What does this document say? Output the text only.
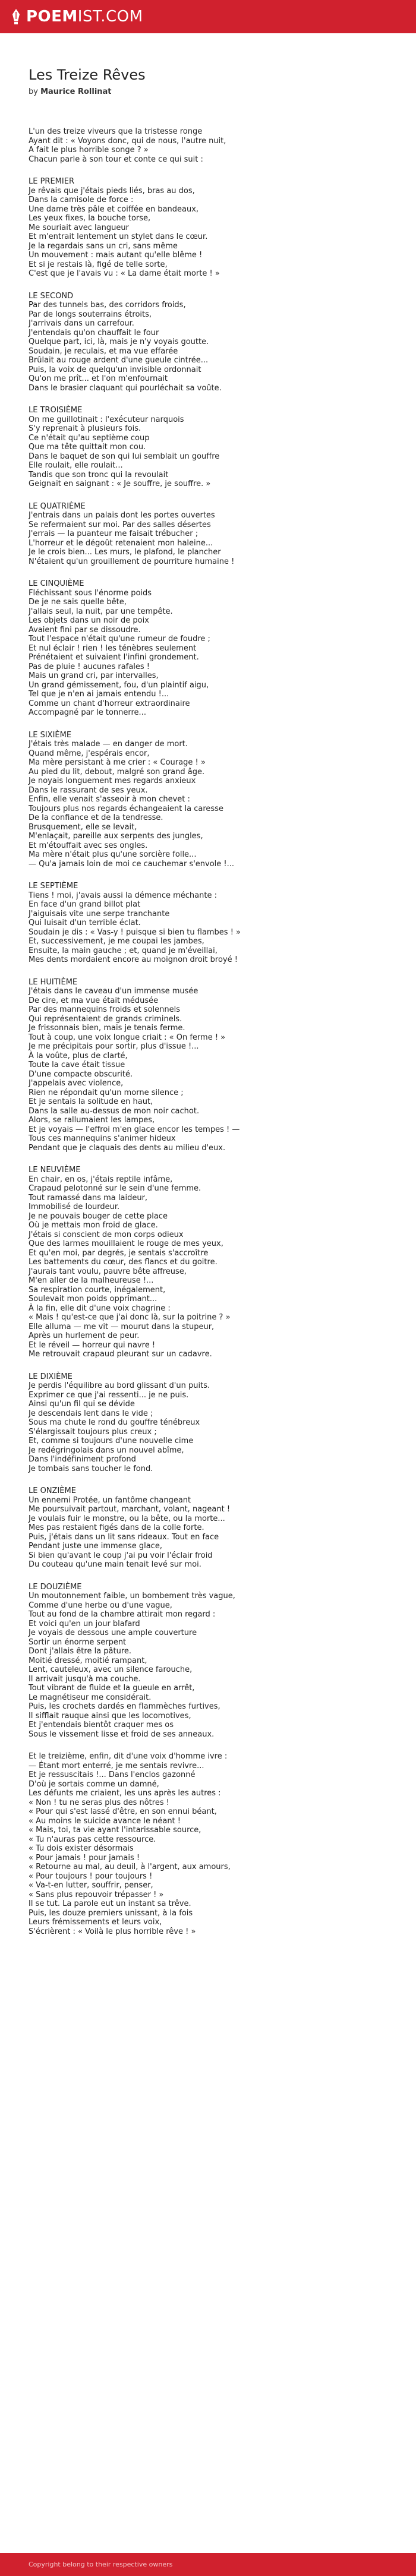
POEMIST.COM
Les Treize Rêves
by Maurice Rollinat
L'un des treize viveurs que la tristesse ronge
Ayant dit : « Voyons donc, qui de nous, l'autre nuit,
A fait le plus horrible songe ? »
Chacun parle à son tour et conte ce qui suit :
LE PREMIER
Je rêvais que j'étais pieds liés, bras au dos,
Dans la camisole de force :
Une dame très pâle et coiffée en bandeaux,
Les yeux fixes, la bouche torse,
Me souriait avec langueur
Et m'entrait lentement un stylet dans le cœur.
Je la regardais sans un cri, sans même
Un mouvement : mais autant qu'elle blême !
Et si je restais là, figé de telle sorte,
C'est que je l'avais vu : « La dame était morte ! »
LE SECOND
Par des tunnels bas, des corridors froids,
Par de longs souterrains étroits,
J'arrivais dans un carrefour.
J'entendais qu'on chauffait le four
Quelque part, ici, là, mais je n'y voyais goutte.
Soudain, je reculais, et ma vue effarée
Brûlait au rouge ardent d'une gueule cintrée...
Puis, la voix de quelqu'un invisible ordonnait
Qu'on me prît... et l'on m'enfournait
Dans le brasier claquant qui pourléchait sa voûte.
LE TROISIÈME
On me guillotinait : l'exécuteur narquois
S'y reprenait à plusieurs fois.
Ce n'était qu'au septième coup
Que ma tête quittait mon cou.
Dans le baquet de son qui lui semblait un gouffre
Elle roulait, elle roulait...
Tandis que son tronc qui la revoulait
Geignait en saignant : « Je souffre, je souffre. »
LE QUATRIÈME
J'entrais dans un palais dont les portes ouvertes
Se refermaient sur moi. Par des salles désertes
J'errais — la puanteur me faisait trébucher ;
L'horreur et le dégoût retenaient mon haleine...
Je le crois bien... Les murs, le plafond, le plancher
N'étaient qu'un grouillement de pourriture humaine !
LE CINQUIÈME
Fléchissant sous l'énorme poids
De je ne sais quelle bête,
J'allais seul, la nuit, par une tempête.
Les objets dans un noir de poix
Avaient fini par se dissoudre.
Tout l'espace n'était qu'une rumeur de foudre ;
Et nul éclair ! rien ! les ténèbres seulement
Prénétaient et suivaient l'infini grondement.
Pas de pluie ! aucunes rafales !
Mais un grand cri, par intervalles,
Un grand gémissement, fou, d'un plaintif aigu,
Tel que je n'en ai jamais entendu !...
Comme un chant d'horreur extraordinaire
Accompagné par le tonnerre...
LE SIXIÈME
J'étais très malade — en danger de mort.
Quand même, j'espérais encor,
Ma mère persistant à me crier : « Courage ! »
Au pied du lit, debout, malgré son grand âge.
Je noyais longuement mes regards anxieux
Dans le rassurant de ses yeux.
Enfin, elle venait s'asseoir à mon chevet :
Toujours plus nos regards échangeaient la caresse
De la confiance et de la tendresse.
Brusquement, elle se levait,
M'enlaçait, pareille aux serpents des jungles,
Et m'étouffait avec ses ongles.
Ma mère n'était plus qu'une sorcière folle...
— Qu'a jamais loin de moi ce cauchemar s'envole !...
LE SEPTIÈME
Tiens ! moi, j'avais aussi la démence méchante :
En face d'un grand billot plat
J'aiguisais vite une serpe tranchante
Qui luisait d'un terrible éclat.
Soudain je dis : « Vas-y ! puisque si bien tu flambes ! »
Et, successivement, je me coupai les jambes,
Ensuite, la main gauche ; et, quand je m'éveillai,
Mes dents mordaient encore au moignon droit broyé !
LE HUITIÈME
J'étais dans le caveau d'un immense musée
De cire, et ma vue était médusée
Par des mannequins froids et solennels
Qui représentaient de grands criminels.
Je frissonnais bien, mais je tenais ferme.
Tout à coup, une voix longue criait : « On ferme ! »
Je me précipitais pour sortir, plus d'issue !...
À la voûte, plus de clarté,
Toute la cave était tissue
D'une compacte obscurité.
J'appelais avec violence,
Rien ne répondait qu'un morne silence ;
Et je sentais la solitude en haut,
Dans la salle au-dessus de mon noir cachot.
Alors, se rallumaient les lampes,
Et je voyais — l'effroi m'en glace encor les tempes ! —
Tous ces mannequins s'animer hideux
Pendant que je claquais des dents au milieu d'eux.
LE NEUVIÈME
En chair, en os, j'étais reptile infâme,
Crapaud pelotonné sur le sein d'une femme.
Tout ramassé dans ma laideur,
Immobilisé de lourdeur.
Je ne pouvais bouger de cette place
Où je mettais mon froid de glace.
J'étais si conscient de mon corps odieux
Que des larmes mouillaient le rouge de mes yeux,
Et qu'en moi, par degrés, je sentais s'accroître
Les battements du cœur, des flancs et du goitre.
J'aurais tant voulu, pauvre bête affreuse,
M'en aller de la malheureuse !...
Sa respiration courte, inégalement,
Soulevait mon poids opprimant...
À la fin, elle dit d'une voix chagrine :
« Mais ! qu'est-ce que j'ai donc là, sur la poitrine ? »
Elle alluma — me vit — mourut dans la stupeur,
Après un hurlement de peur.
Et le réveil — horreur qui navre !
Me retrouvait crapaud pleurant sur un cadavre.
LE DIXIÈME
Je perdis l'équilibre au bord glissant d'un puits.
Exprimer ce que j'ai ressenti... je ne puis.
Ainsi qu'un fil qui se dévide
Je descendais lent dans le vide ;
Sous ma chute le rond du gouffre ténébreux
S'élargissait toujours plus creux ;
Et, comme si toujours d'une nouvelle cime
Je redégringolais dans un nouvel abîme,
Dans l'indéfiniment profond
Je tombais sans toucher le fond.
LE ONZIÈME
Un ennemi Protée, un fantôme changeant
Me poursuivait partout, marchant, volant, nageant !
Je voulais fuir le monstre, ou la bête, ou la morte...
Mes pas restaient figés dans de la colle forte.
Puis, j'étais dans un lit sans rideaux. Tout en face
Pendant juste une immense glace,
Si bien qu'avant le coup j'ai pu voir l'éclair froid
Du couteau qu'une main tenait levé sur moi.
LE DOUZIÈME
Un moutonnement faible, un bombement très vague,
Comme d'une herbe ou d'une vague,
Tout au fond de la chambre attirait mon regard :
Et voici qu'en un jour blafard
Je voyais de dessous une ample couverture
Sortir un énorme serpent
Dont j'allais être la pâture.
Moitié dressé, moitié rampant,
Lent, cauteleux, avec un silence farouche,
Il arrivait jusqu'à ma couche.
Tout vibrant de fluide et la gueule en arrêt,
Le magnétiseur me considérait.
Puis, les crochets dardés en flammèches furtives,
Il sifflait rauque ainsi que les locomotives,
Et j'entendais bientôt craquer mes os
Sous le vissement lisse et froid de ses anneaux.
Et le treizième, enfin, dit d'une voix d'homme ivre :
— Étant mort enterré, je me sentais revivre...
Et je ressuscitais !... Dans l'enclos gazonné
D'où je sortais comme un damné,
Les défunts me criaient, les uns après les autres :
« Non ! tu ne seras plus des nôtres !
« Pour qui s'est lassé d'être, en son ennui béant,
« Au moins le suicide avance le néant !
« Mais, toi, ta vie ayant l'intarissable source,
« Tu n'auras pas cette ressource.
« Tu dois exister désormais
« Pour jamais ! pour jamais !
« Retourne au mal, au deuil, à l'argent, aux amours,
« Pour toujours ! pour toujours !
« Va-t-en lutter, souffrir, penser,
« Sans plus repouvoir trépasser ! »
Il se tut. La parole eut un instant sa trêve.
Puis, les douze premiers unissant, à la fois
Leurs frémissements et leurs voix,
S'écrièrent : « Voilà le plus horrible rêve ! »
Copyright belong to their respective owners
